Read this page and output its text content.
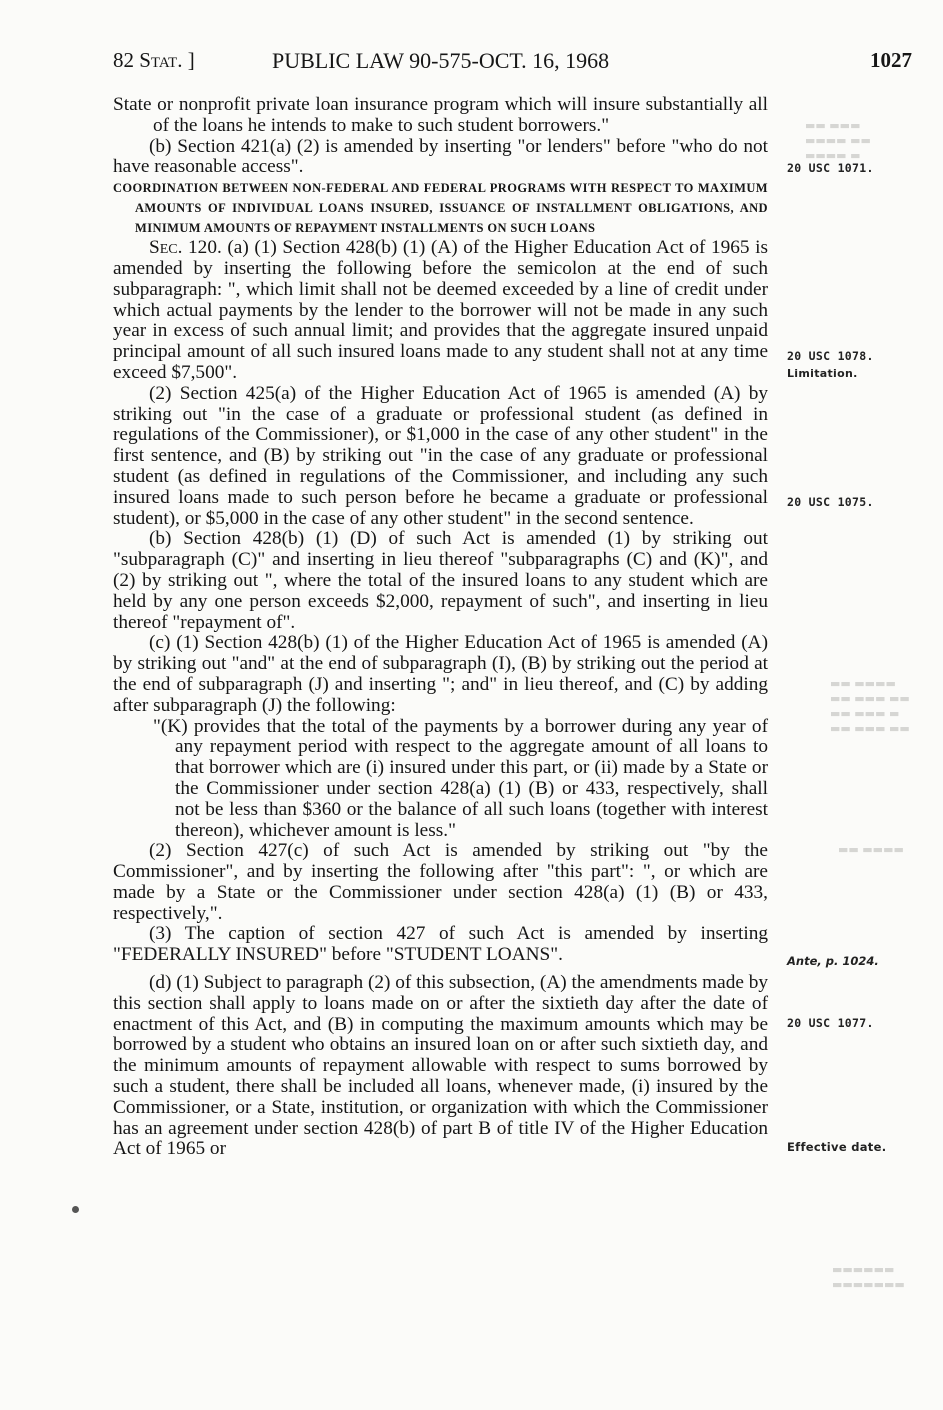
82 Stat. ]	PUBLIC LAW 90-575-OCT. 16, 1968	1027
▬▬ ▬▬▬
▬▬▬▬ ▬▬
▬▬▬▬ ▬
▬▬ ▬▬▬▬
▬▬ ▬▬▬ ▬▬
▬▬ ▬▬▬ ▬
▬▬ ▬▬▬ ▬▬
▬▬ ▬▬▬▬
▬▬▬▬▬▬
▬▬▬▬▬▬▬

State or nonprofit private loan insurance program which will insure substantially all of the loans he intends to make to such student borrowers."

(b) Section 421(a) (2) is amended by inserting "or lenders" before "who do not have reasonable access".

COORDINATION BETWEEN NON-FEDERAL AND FEDERAL PROGRAMS WITH RESPECT TO MAXIMUM AMOUNTS OF INDIVIDUAL LOANS INSURED, ISSUANCE OF INSTALLMENT OBLIGATIONS, AND MINIMUM AMOUNTS OF REPAYMENT INSTALLMENTS ON SUCH LOANS

Sec. 120. (a) (1) Section 428(b) (1) (A) of the Higher Education Act of 1965 is amended by inserting the following before the semicolon at the end of such subparagraph: ", which limit shall not be deemed exceeded by a line of credit under which actual payments by the lender to the borrower will not be made in any such year in excess of such annual limit; and provides that the aggregate insured unpaid principal amount of all such insured loans made to any student shall not at any time exceed $7,500".

(2) Section 425(a) of the Higher Education Act of 1965 is amended (A) by striking out "in the case of a graduate or professional student (as defined in regulations of the Commissioner), or $1,000 in the case of any other student" in the first sentence, and (B) by striking out "in the case of any graduate or professional student (as defined in regulations of the Commissioner, and including any such insured loans made to such person before he became a graduate or professional student), or $5,000 in the case of any other student" in the second sentence.

(b) Section 428(b) (1) (D) of such Act is amended (1) by striking out "subparagraph (C)" and inserting in lieu thereof "subparagraphs (C) and (K)", and (2) by striking out ", where the total of the insured loans to any student which are held by any one person exceeds $2,000, repayment of such", and inserting in lieu thereof "repayment of".

(c) (1) Section 428(b) (1) of the Higher Education Act of 1965 is amended (A) by striking out "and" at the end of subparagraph (I), (B) by striking out the period at the end of subparagraph (J) and inserting "; and" in lieu thereof, and (C) by adding after subparagraph (J) the following:

"(K) provides that the total of the payments by a borrower during any year of any repayment period with respect to the aggregate amount of all loans to that borrower which are (i) insured under this part, or (ii) made by a State or the Commissioner under section 428(a) (1) (B) or 433, respectively, shall not be less than $360 or the balance of all such loans (together with interest thereon), whichever amount is less."

(2) Section 427(c) of such Act is amended by striking out "by the Commissioner", and by inserting the following after "this part": ", or which are made by a State or the Commissioner under section 428(a) (1) (B) or 433, respectively,".

(3) The caption of section 427 of such Act is amended by inserting "FEDERALLY INSURED" before "STUDENT LOANS".

(d) (1) Subject to paragraph (2) of this subsection, (A) the amendments made by this section shall apply to loans made on or after the sixtieth day after the date of enactment of this Act, and (B) in computing the maximum amounts which may be borrowed by a student who obtains an insured loan on or after such sixtieth day, and the minimum amounts of repayment allowable with respect to sums borrowed by such a student, there shall be included all loans, whenever made, (i) insured by the Commissioner, or a State, institution, or organization with which the Commissioner has an agreement under section 428(b) of part B of title IV of the Higher Education Act of 1965 or

20 USC 1071.
20 USC 1078.
Limitation.
20 USC 1075.
Ante, p. 1024.
20 USC 1077.
Effective date.
